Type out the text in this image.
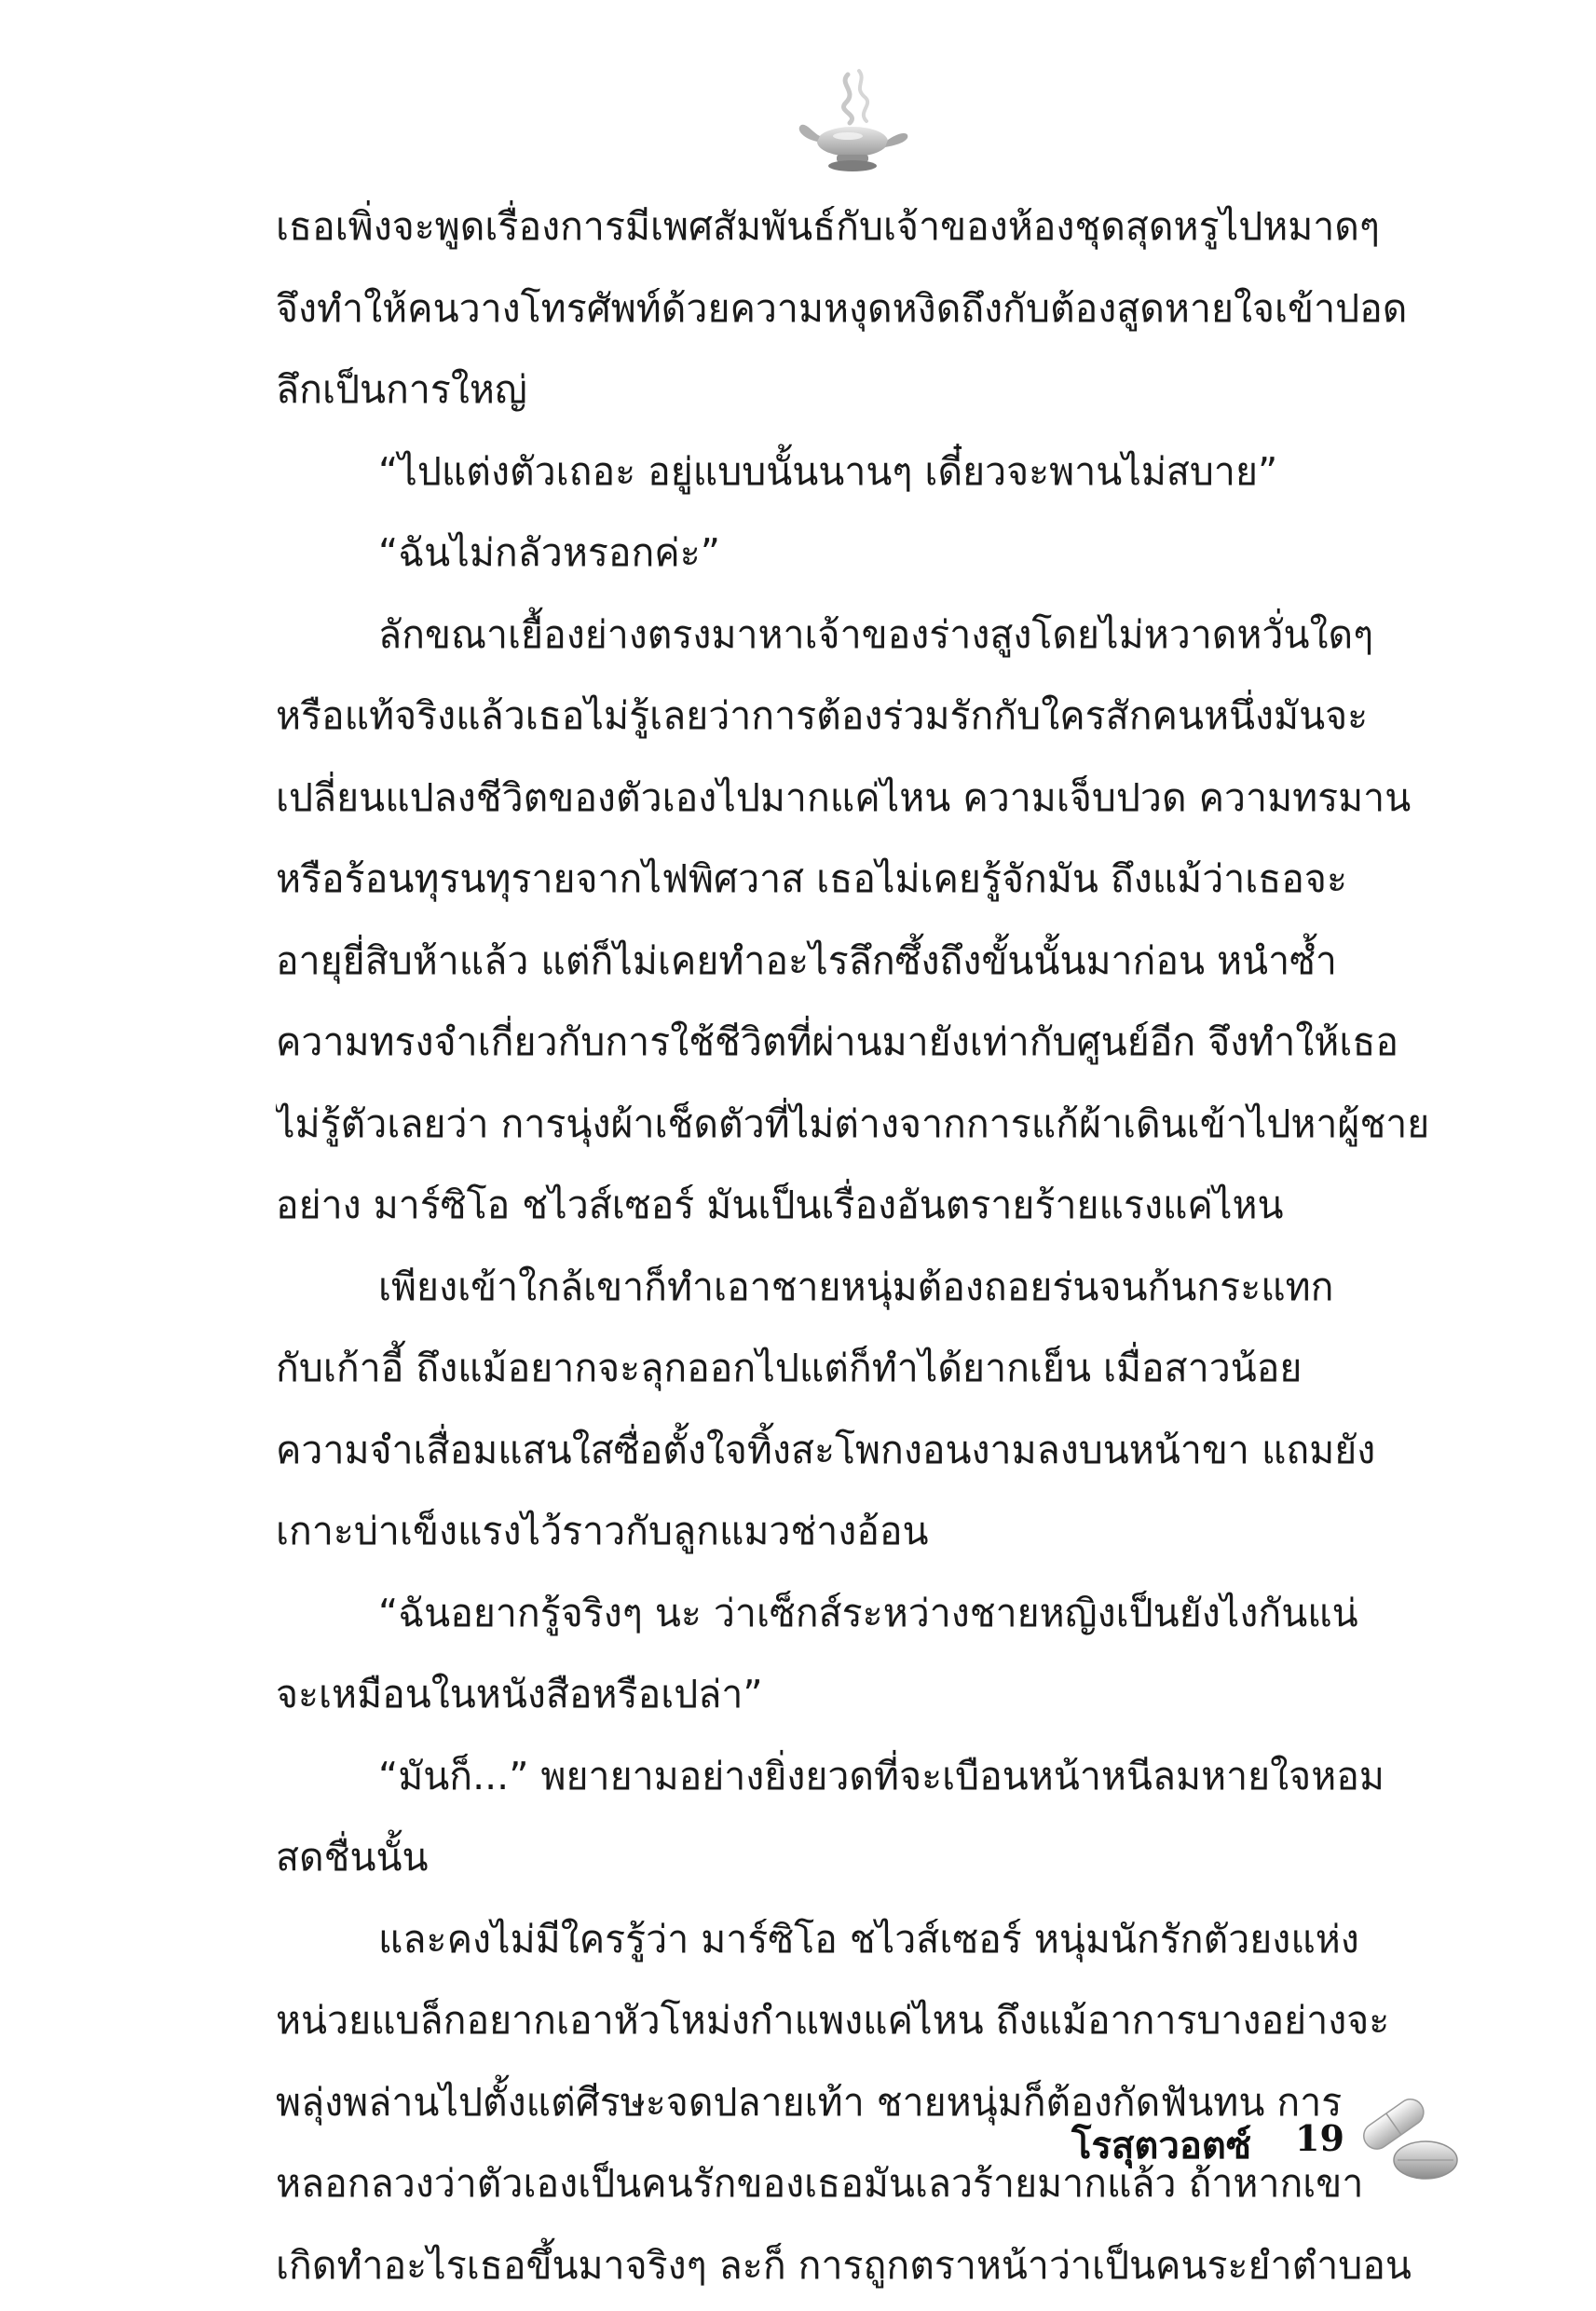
เธอเพิ่งจะพูดเรื่องการมีเพศสัมพันธ์กับเจ้าของห้องชุดสุดหรูไปหมาดๆ
จึงทำให้คนวางโทรศัพท์ด้วยความหงุดหงิดถึงกับต้องสูดหายใจเข้าปอด
ลึกเป็นการใหญ่
“ไปแต่งตัวเถอะ อยู่แบบนั้นนานๆ เดี๋ยวจะพานไม่สบาย”
“ฉันไม่กลัวหรอกค่ะ”
ลักขณาเยื้องย่างตรงมาหาเจ้าของร่างสูงโดยไม่หวาดหวั่นใดๆ
หรือแท้จริงแล้วเธอไม่รู้เลยว่าการต้องร่วมรักกับใครสักคนหนึ่งมันจะ
เปลี่ยนแปลงชีวิตของตัวเองไปมากแค่ไหน ความเจ็บปวด ความทรมาน
หรือร้อนทุรนทุรายจากไฟพิศวาส เธอไม่เคยรู้จักมัน ถึงแม้ว่าเธอจะ
อายุยี่สิบห้าแล้ว แต่ก็ไม่เคยทำอะไรลึกซึ้งถึงขั้นนั้นมาก่อน หนำซ้ำ
ความทรงจำเกี่ยวกับการใช้ชีวิตที่ผ่านมายังเท่ากับศูนย์อีก จึงทำให้เธอ
ไม่รู้ตัวเลยว่า การนุ่งผ้าเช็ดตัวที่ไม่ต่างจากการแก้ผ้าเดินเข้าไปหาผู้ชาย
อย่าง มาร์ซิโอ ชไวส์เซอร์ มันเป็นเรื่องอันตรายร้ายแรงแค่ไหน
เพียงเข้าใกล้เขาก็ทำเอาชายหนุ่มต้องถอยร่นจนก้นกระแทก
กับเก้าอี้ ถึงแม้อยากจะลุกออกไปแต่ก็ทำได้ยากเย็น เมื่อสาวน้อย
ความจำเสื่อมแสนใสซื่อตั้งใจทิ้งสะโพกงอนงามลงบนหน้าขา แถมยัง
เกาะบ่าเข็งแรงไว้ราวกับลูกแมวช่างอ้อน
“ฉันอยากรู้จริงๆ นะ ว่าเซ็กส์ระหว่างชายหญิงเป็นยังไงกันแน่
จะเหมือนในหนังสือหรือเปล่า”
“มันก็...” พยายามอย่างยิ่งยวดที่จะเบือนหน้าหนีลมหายใจหอม
สดชื่นนั้น
และคงไม่มีใครรู้ว่า มาร์ซิโอ ชไวส์เซอร์ หนุ่มนักรักตัวยงแห่ง
หน่วยแบล็กอยากเอาหัวโหม่งกำแพงแค่ไหน ถึงแม้อาการบางอย่างจะ
พลุ่งพล่านไปตั้งแต่ศีรษะจดปลายเท้า ชายหนุ่มก็ต้องกัดฟันทน การ
หลอกลวงว่าตัวเองเป็นคนรักของเธอมันเลวร้ายมากแล้ว ถ้าหากเขา
เกิดทำอะไรเธอขึ้นมาจริงๆ ละก็ การถูกตราหน้าว่าเป็นคนระยำตำบอน
โรสุตวอตซ์ 19
